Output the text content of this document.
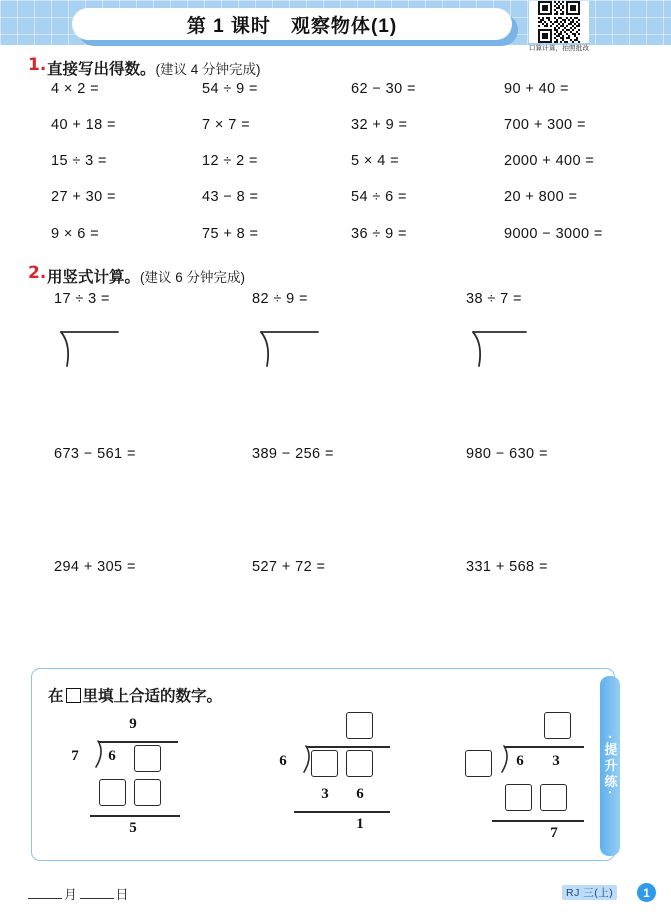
第 1 课时　观察物体(1)
口算计算，拍照批改
1. 直接写出得数。(建议 4 分钟完成)
4 × 2 =	54 ÷ 9 =	62 − 30 =	90 + 40 =
40 + 18 =	7 × 7 =	32 + 9 =	700 + 300 =
15 ÷ 3 =	12 ÷ 2 =	5 × 4 =	2000 + 400 =
27 + 30 =	43 − 8 =	54 ÷ 6 =	20 + 800 =
9 × 6 =	75 + 8 =	36 ÷ 9 =	9000 − 3000 =
2. 用竖式计算。(建议 6 分钟完成)
17 ÷ 3 =	82 ÷ 9 =	38 ÷ 7 =
673 − 561 =	389 − 256 =	980 − 630 =
294 + 305 =	527 + 72 =	331 + 568 =
在 里填上合适的数字。
·提升练·
9
7	6
5
6
3	6
1
6	3
7
月	日	RJ 三(上)	1
